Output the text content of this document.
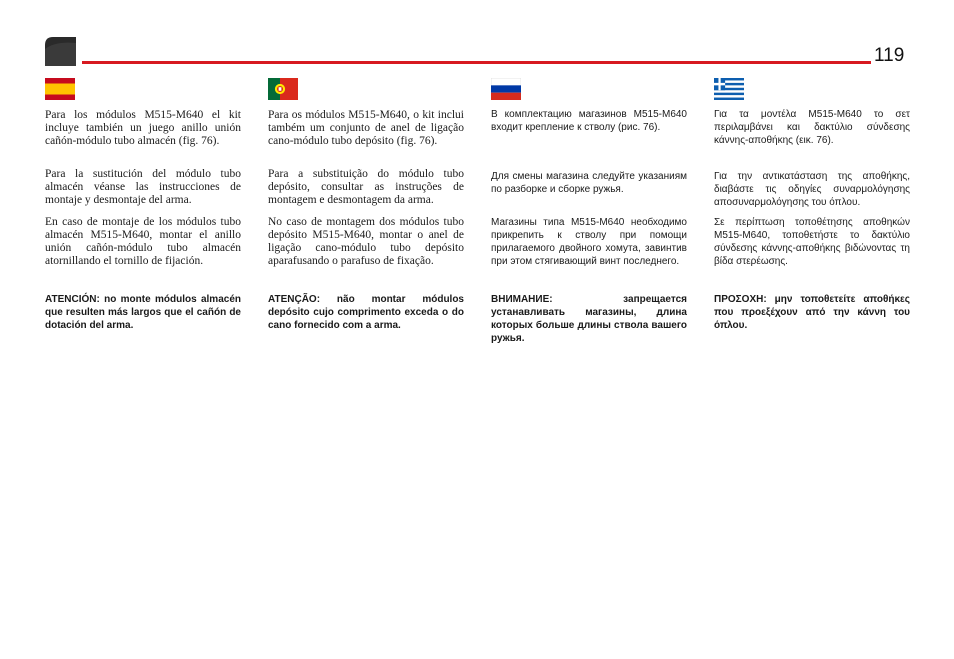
119

Para los módulos M515-M640 el kit incluye también un juego anillo unión cañón-módulo tubo almacén (fig. 76).

Para la sustitución del módulo tubo almacén véanse las instrucciones de montaje y desmontaje del arma.

En caso de montaje de los módulos tubo almacén M515-M640, montar el anillo unión cañón-módulo tubo almacén atornillando el tornillo de fijación.

ATENCIÓN: no monte módulos almacén que resulten más largos que el cañón de dotación del arma.

Para os módulos M515-M640, o kit inclui também um conjunto de anel de ligação cano-módulo tubo depósito (fig. 76).

Para a substituição do módulo tubo depósito, consultar as instruções de montagem e desmontagem da arma.

No caso de montagem dos módulos tubo depósito M515-M640, montar o anel de ligação cano-módulo tubo depósito aparafusando o parafuso de fixação.

ATENÇÃO: não montar módulos depósito cujo comprimento exceda o do cano fornecido com a arma.

В комплектацию магазинов M515-M640 входит крепление к стволу (рис. 76).

Для смены магазина следуйте указаниям по разборке и сборке ружья.

Магазины типа M515-M640 необходимо прикрепить к стволу при помощи прилагаемого двойного хомута, завинтив при этом стягивающий винт последнего.

ВНИМАНИЕ: запрещается устанавливать магазины, длина которых больше длины ствола вашего ружья.

Για τα μοντέλα M515-M640 το σετ περιλαμβάνει και δακτύλιο σύνδεσης κάννης-αποθήκης (εικ. 76).

Για την αντικατάσταση της αποθήκης, διαβάστε τις οδηγίες συναρμολόγησης αποσυναρμολόγησης του όπλου.

Σε περίπτωση τοποθέτησης αποθηκών M515-M640, τοποθετήστε το δακτύλιο σύνδεσης κάννης-αποθήκης βιδώνοντας τη βίδα στερέωσης.

ΠΡΟΣΟΧΗ: μην τοποθετείτε αποθήκες που προεξέχουν από την κάννη του όπλου.
